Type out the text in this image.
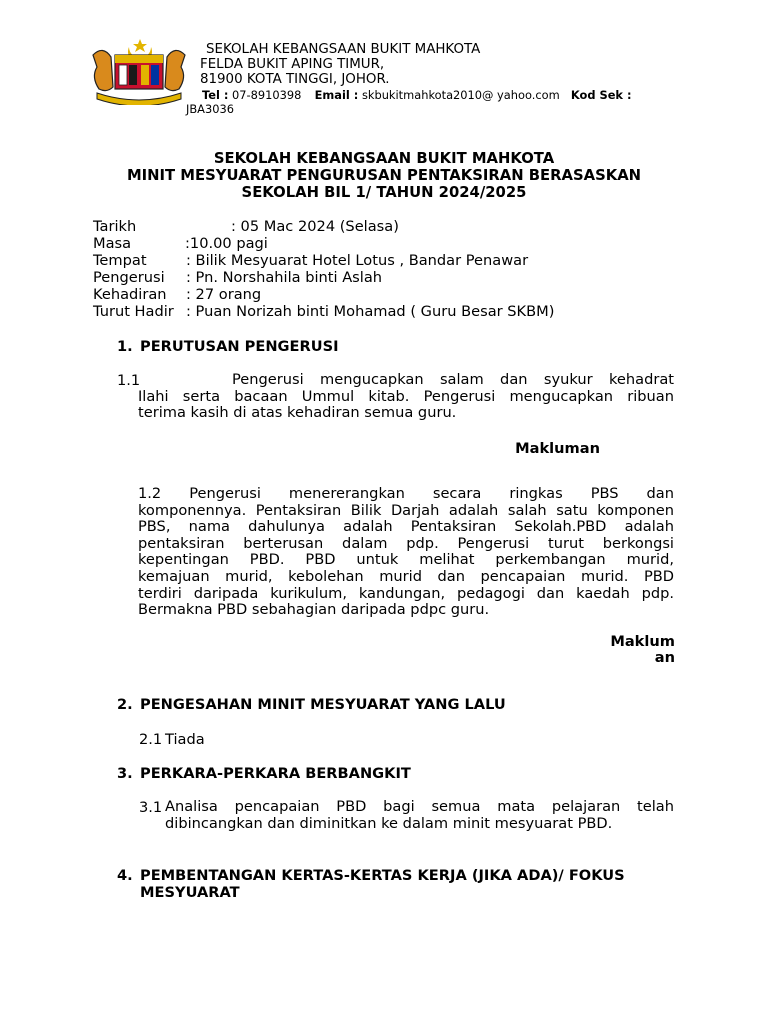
SEKOLAH KEBANGSAAN BUKIT MAHKOTA
FELDA BUKIT APING TIMUR,
81900 KOTA TINGGI, JOHOR.
Tel : 07-8910398 Email : skbukitmahkota2010@ yahoo.com Kod Sek :
JBA3036
SEKOLAH KEBANGSAAN BUKIT MAHKOTA
MINIT MESYUARAT PENGURUSAN PENTAKSIRAN BERASASKAN
SEKOLAH BIL 1/ TAHUN 2024/2025
Tarikh	: 05 Mac 2024 (Selasa)
Masa	:10.00 pagi
Tempat	: Bilik Mesyuarat Hotel Lotus , Bandar Penawar
Pengerusi : Pn. Norshahila binti Aslah
Kehadiran : 27 orang
Turut Hadir : Puan Norizah binti Mohamad ( Guru Besar SKBM)
1. PERUTUSAN PENGERUSI
1.1	Pengerusi mengucapkan salam dan syukur kehadrat
Ilahi serta bacaan Ummul kitab. Pengerusi mengucapkan ribuan
terima kasih di atas kehadiran semua guru.
Makluman
1.2 Pengerusi menererangkan secara ringkas PBS dan
komponennya. Pentaksiran Bilik Darjah adalah salah satu komponen
PBS, nama dahulunya adalah Pentaksiran Sekolah.PBD adalah
pentaksiran berterusan dalam pdp. Pengerusi turut berkongsi
kepentingan PBD. PBD untuk melihat perkembangan murid,
kemajuan murid, kebolehan murid dan pencapaian murid. PBD
terdiri daripada kurikulum, kandungan, pedagogi dan kaedah pdp.
Bermakna PBD sebahagian daripada pdpc guru.
Maklum
an
2. PENGESAHAN MINIT MESYUARAT YANG LALU
2.1 Tiada
3. PERKARA-PERKARA BERBANGKIT
3.1 Analisa pencapaian PBD bagi semua mata pelajaran telah
dibincangkan dan diminitkan ke dalam minit mesyuarat PBD.
4. PEMBENTANGAN KERTAS-KERTAS KERJA (JIKA ADA)/ FOKUS
MESYUARAT
